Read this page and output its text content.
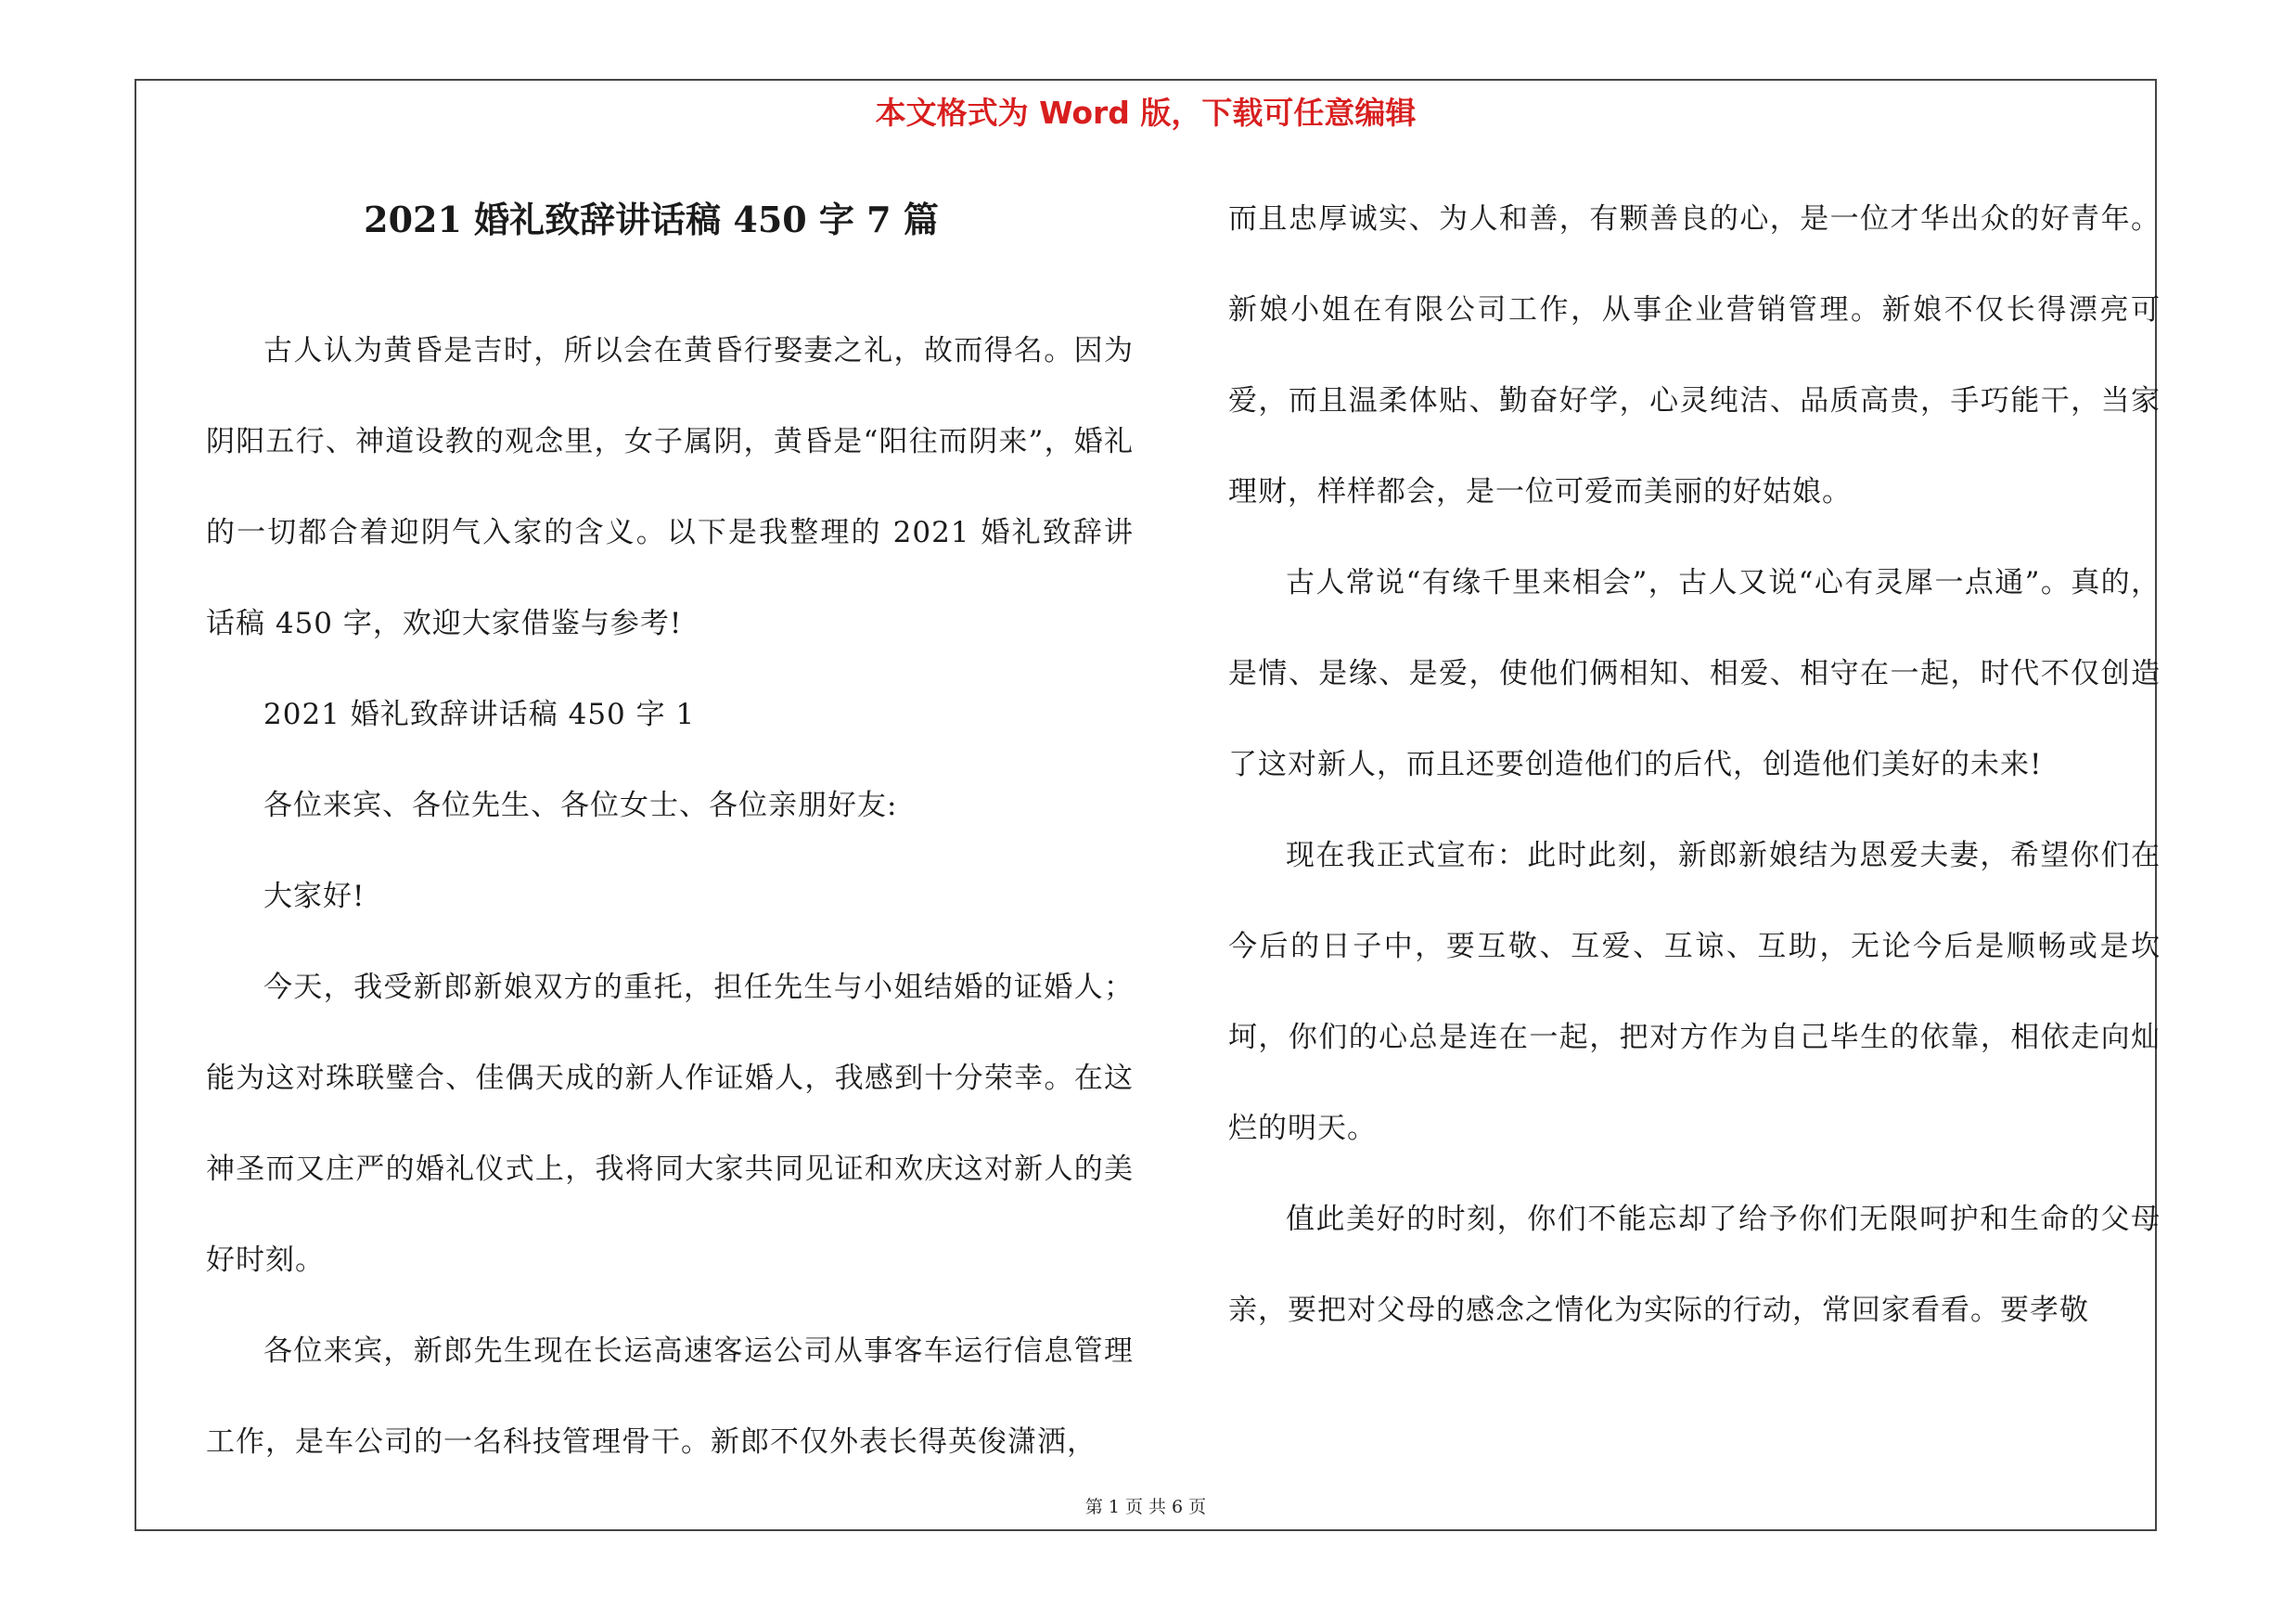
本文格式为 Word 版，下载可任意编辑
2021 婚礼致辞讲话稿 450 字 7 篇

古人认为黄昏是吉时，所以会在黄昏行娶妻之礼，故而得名。因为阴阳五行、神道设教的观念里，女子属阴，黄昏是“阳往而阴来”，婚礼的一切都合着迎阴气入家的含义。以下是我整理的 2021 婚礼致辞讲话稿 450 字，欢迎大家借鉴与参考!

2021 婚礼致辞讲话稿 450 字 1

各位来宾、各位先生、各位女士、各位亲朋好友:

大家好!

今天，我受新郎新娘双方的重托，担任先生与小姐结婚的证婚人；能为这对珠联璧合、佳偶天成的新人作证婚人，我感到十分荣幸。在这神圣而又庄严的婚礼仪式上，我将同大家共同见证和欢庆这对新人的美好时刻。

各位来宾，新郎先生现在长运高速客运公司从事客车运行信息管理工作，是车公司的一名科技管理骨干。新郎不仅外表长得英俊潇洒，

而且忠厚诚实、为人和善，有颗善良的心，是一位才华出众的好青年。新娘小姐在有限公司工作，从事企业营销管理。新娘不仅长得漂亮可爱，而且温柔体贴、勤奋好学，心灵纯洁、品质高贵，手巧能干，当家理财，样样都会，是一位可爱而美丽的好姑娘。

古人常说“有缘千里来相会”，古人又说“心有灵犀一点通”。真的，是情、是缘、是爱，使他们俩相知、相爱、相守在一起，时代不仅创造了这对新人，而且还要创造他们的后代，创造他们美好的未来!

现在我正式宣布：此时此刻，新郎新娘结为恩爱夫妻，希望你们在今后的日子中，要互敬、互爱、互谅、互助，无论今后是顺畅或是坎坷，你们的心总是连在一起，把对方作为自己毕生的依靠，相依走向灿烂的明天。

值此美好的时刻，你们不能忘却了给予你们无限呵护和生命的父母亲，要把对父母的感念之情化为实际的行动，常回家看看。要孝敬

第 1 页 共 6 页
